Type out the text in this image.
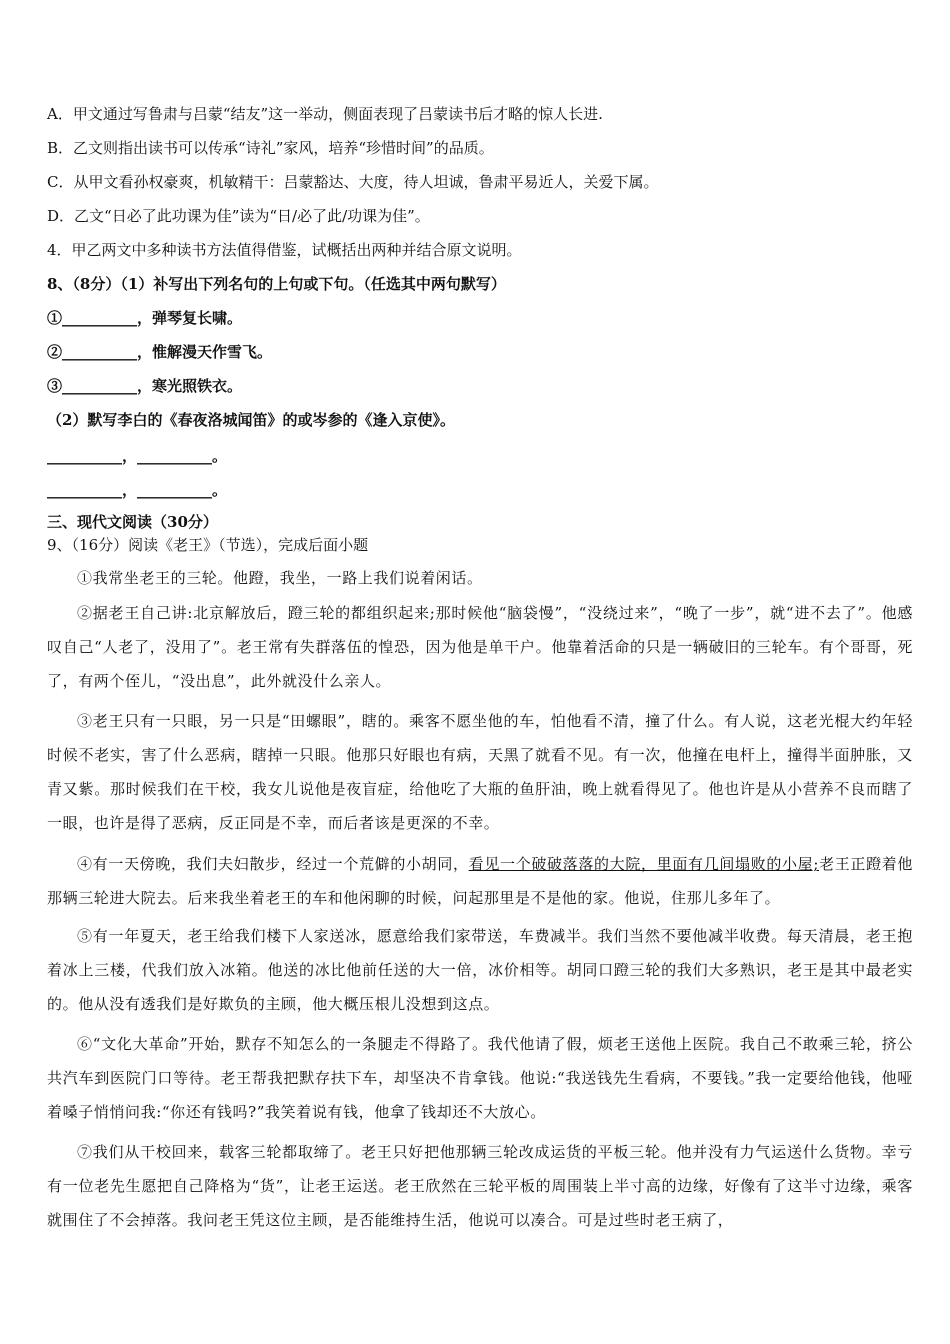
A．甲文通过写鲁肃与吕蒙“结友”这一举动，侧面表现了吕蒙读书后才略的惊人长进.
B．乙文则指出读书可以传承“诗礼”家风，培养“珍惜时间”的品质。
C．从甲文看孙权豪爽，机敏精干：吕蒙豁达、大度，待人坦诚，鲁肃平易近人，关爱下属。
D．乙文“日必了此功课为佳”读为“日/必了此/功课为佳”。
4．甲乙两文中多种读书方法值得借鉴，试概括出两种并结合原文说明。
8、（8分）（1）补写出下列名句的上句或下句。（任选其中两句默写）
①__________，弹琴复长啸。
②__________，惟解漫天作雪飞。
③__________，寒光照铁衣。
（2）默写李白的《春夜洛城闻笛》的或岑参的《逢入京使》。
__________，__________。
__________，__________。
三、现代文阅读（30分）
9、（16分）阅读《老王》（节选），完成后面小题
①我常坐老王的三轮。他蹬，我坐，一路上我们说着闲话。
②据老王自己讲:北京解放后，蹬三轮的都组织起来;那时候他“脑袋慢”，“没绕过来”，“晚了一步”，就“进不去了”。他感叹自己“人老了，没用了”。老王常有失群落伍的惶恐，因为他是单干户。他靠着活命的只是一辆破旧的三轮车。有个哥哥，死了，有两个侄儿，“没出息”，此外就没什么亲人。
③老王只有一只眼，另一只是“田螺眼”，瞎的。乘客不愿坐他的车，怕他看不清，撞了什么。有人说，这老光棍大约年轻时候不老实，害了什么恶病，瞎掉一只眼。他那只好眼也有病，天黑了就看不见。有一次，他撞在电杆上，撞得半面肿胀，又青又紫。那时候我们在干校，我女儿说他是夜盲症，给他吃了大瓶的鱼肝油，晚上就看得见了。他也许是从小营养不良而瞎了一眼，也许是得了恶病，反正同是不幸，而后者该是更深的不幸。
④有一天傍晚，我们夫妇散步，经过一个荒僻的小胡同，看见一个破破落落的大院，里面有几间塌败的小屋;老王正蹬着他那辆三轮进大院去。后来我坐着老王的车和他闲聊的时候，问起那里是不是他的家。他说，住那儿多年了。
⑤有一年夏天，老王给我们楼下人家送冰，愿意给我们家带送，车费减半。我们当然不要他减半收费。每天清晨，老王抱着冰上三楼，代我们放入冰箱。他送的冰比他前任送的大一倍，冰价相等。胡同口蹬三轮的我们大多熟识，老王是其中最老实的。他从没有透我们是好欺负的主顾，他大概压根儿没想到这点。
⑥“文化大革命”开始，默存不知怎么的一条腿走不得路了。我代他请了假，烦老王送他上医院。我自己不敢乘三轮，挤公共汽车到医院门口等待。老王帮我把默存扶下车，却坚决不肯拿钱。他说:“我送钱先生看病，不要钱。”我一定要给他钱，他哑着嗓子悄悄问我:“你还有钱吗?”我笑着说有钱，他拿了钱却还不大放心。
⑦我们从干校回来，载客三轮都取缔了。老王只好把他那辆三轮改成运货的平板三轮。他并没有力气运送什么货物。幸亏有一位老先生愿把自己降格为“货”，让老王运送。老王欣然在三轮平板的周围装上半寸高的边缘，好像有了这半寸边缘，乘客就围住了不会掉落。我问老王凭这位主顾，是否能维持生活，他说可以凑合。可是过些时老王病了，
